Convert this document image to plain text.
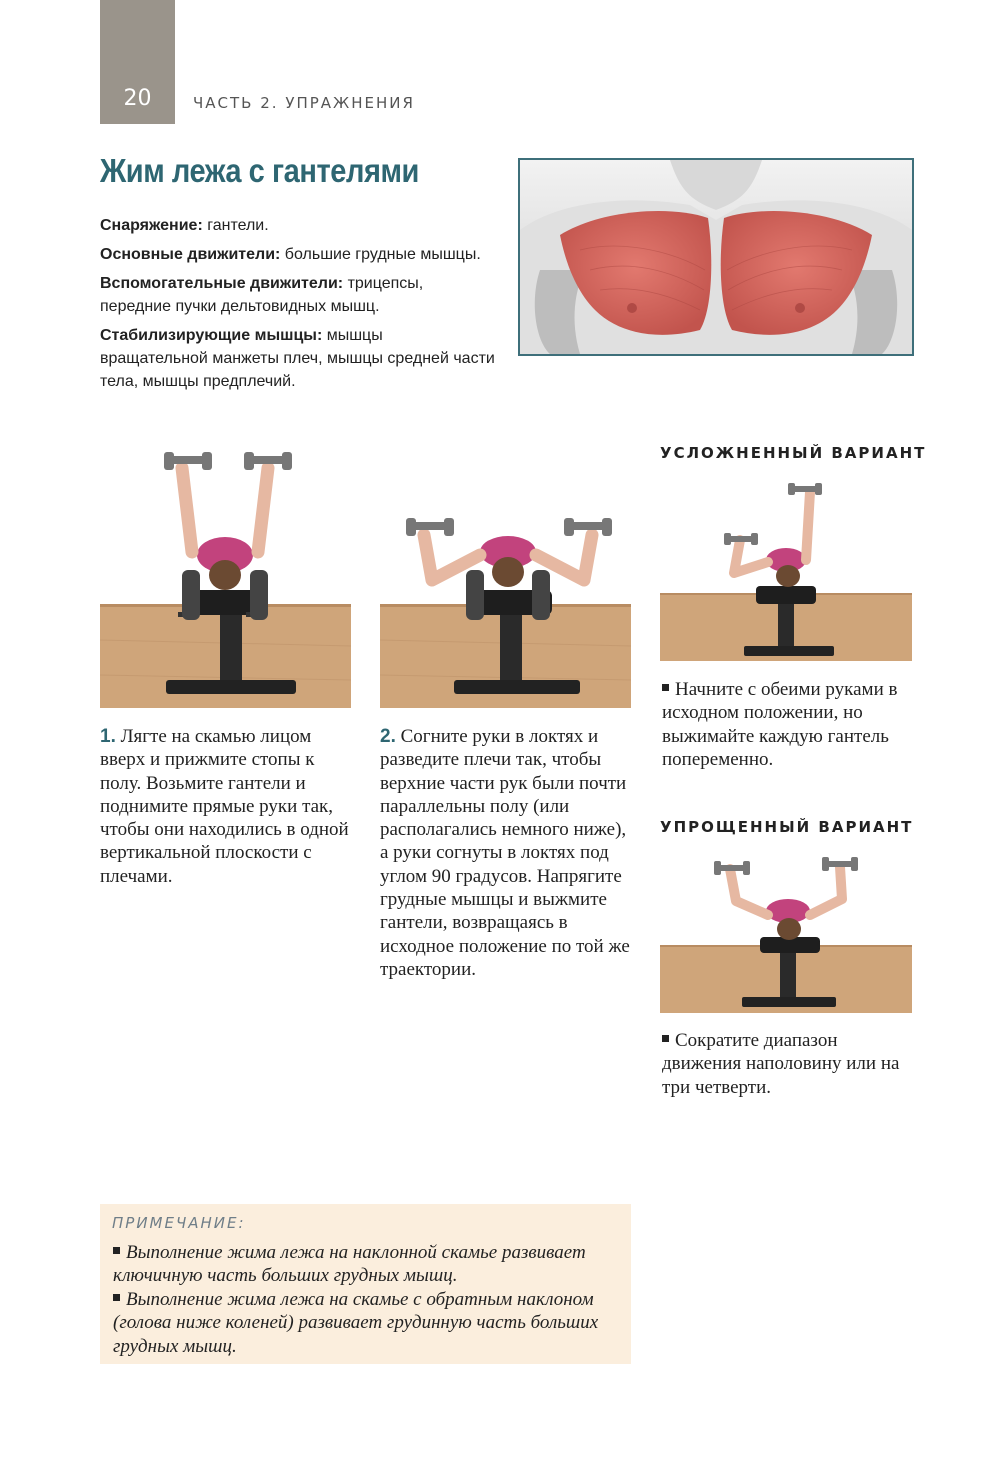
20	ЧАСТЬ 2. УПРАЖНЕНИЯ
Жим лежа с гантелями
Снаряжение: гантели.
Основные движители: большие грудные мышцы.
Вспомогательные движители: трицепсы, передние пучки дельтовидных мышц.
Стабилизирующие мышцы: мышцы вращательной манжеты плеч, мышцы средней части тела, мышцы предплечий.
УСЛОЖНЕННЫЙ ВАРИАНТ
Начните с обеими руками в исходном положении, но выжимайте каждую гантель попеременно.
УПРОЩЕННЫЙ ВАРИАНТ
Сократите диапазон движения наполовину или на три четверти.
1. Лягте на скамью лицом вверх и прижмите стопы к полу. Возьмите гантели и поднимите прямые руки так, чтобы они находились в одной вертикальной плоскости с плечами.
2. Согните руки в локтях и разведите плечи так, чтобы верхние части рук были почти параллельны полу (или располагались немного ниже), а руки согнуты в локтях под углом 90 градусов. Напрягите грудные мышцы и выжмите гантели, возвращаясь в исходное положение по той же траектории.
ПРИМЕЧАНИЕ:
Выполнение жима лежа на наклонной скамье развивает ключичную часть больших грудных мышц.
Выполнение жима лежа на скамье с обратным наклоном (голова ниже коленей) развивает грудинную часть больших грудных мышц.
